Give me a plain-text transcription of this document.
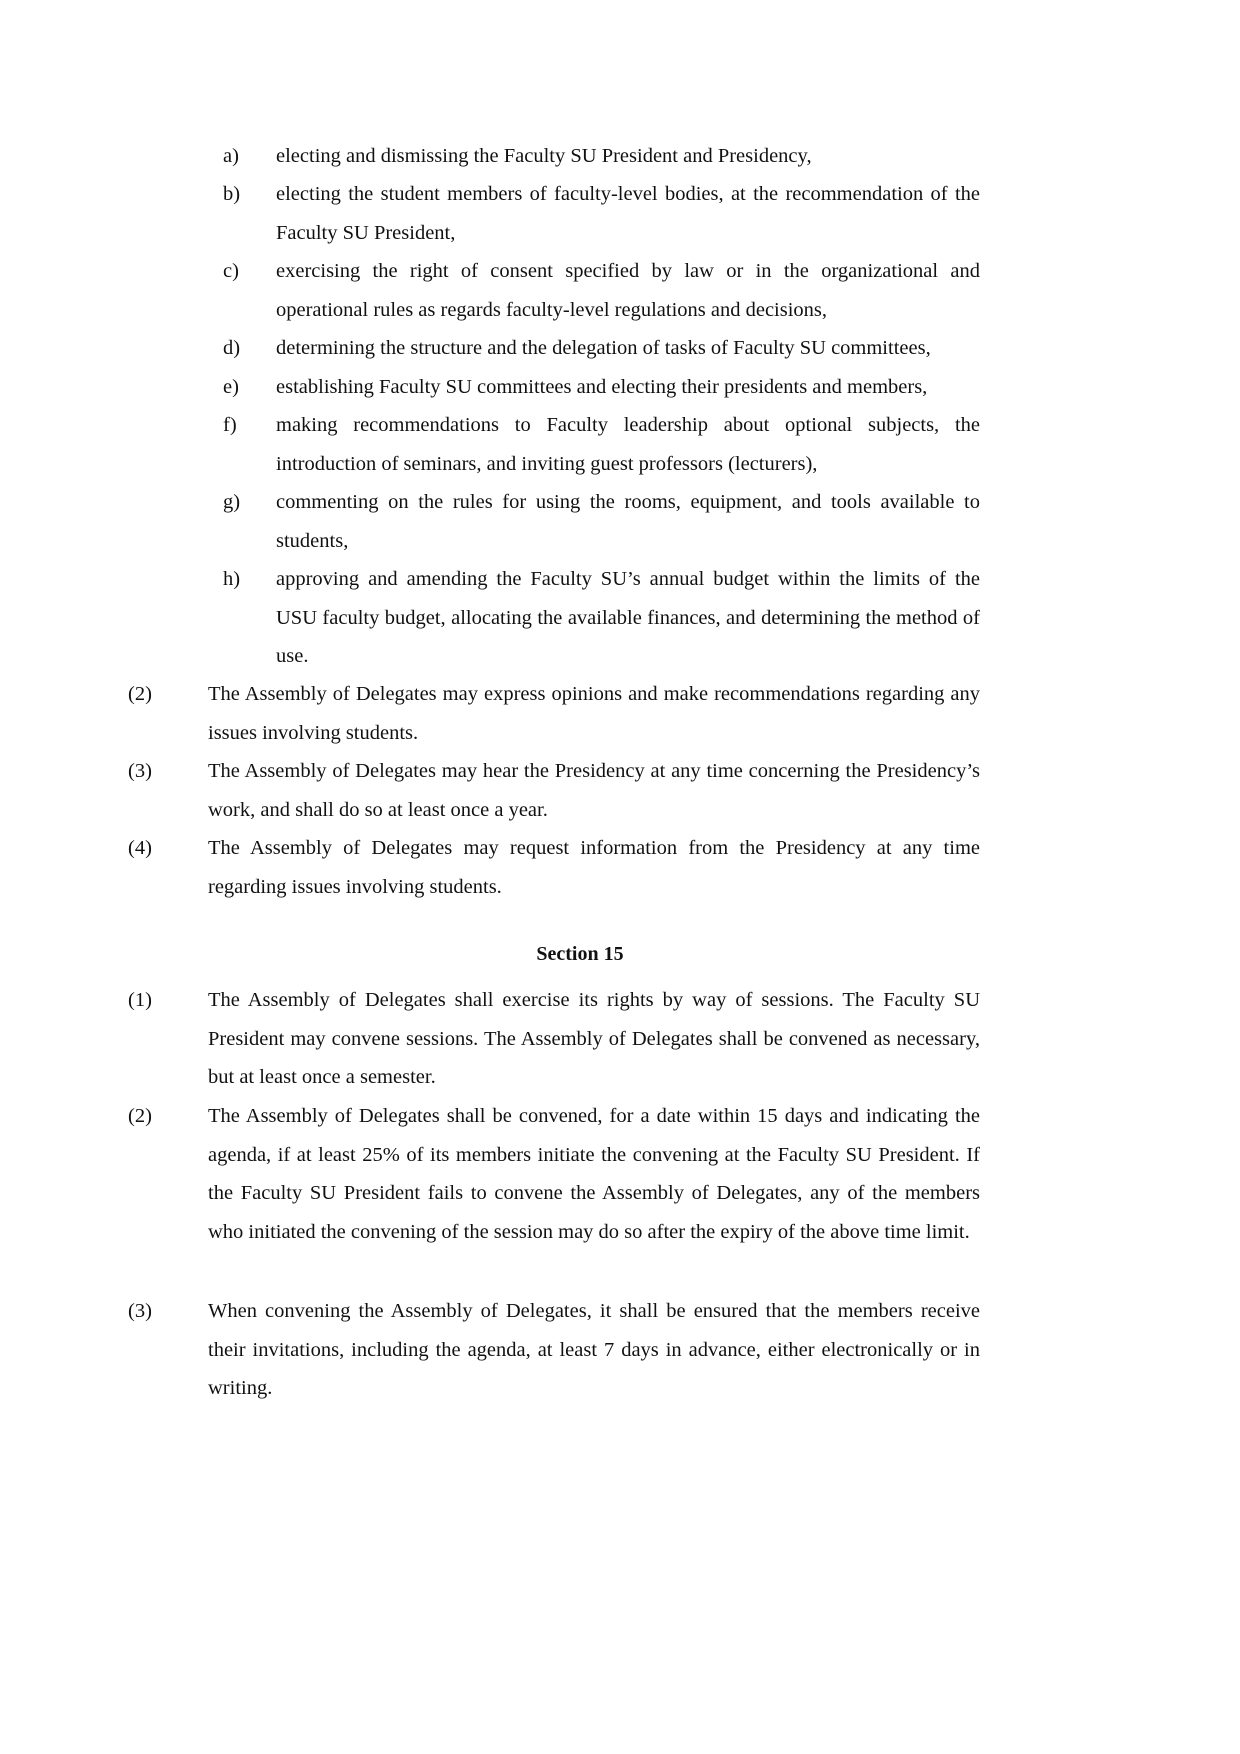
a) electing and dismissing the Faculty SU President and Presidency,
b) electing the student members of faculty-level bodies, at the recommendation of the Faculty SU President,
c) exercising the right of consent specified by law or in the organizational and operational rules as regards faculty-level regulations and decisions,
d) determining the structure and the delegation of tasks of Faculty SU committees,
e) establishing Faculty SU committees and electing their presidents and members,
f) making recommendations to Faculty leadership about optional subjects, the introduction of seminars, and inviting guest professors (lecturers),
g) commenting on the rules for using the rooms, equipment, and tools available to students,
h) approving and amending the Faculty SU’s annual budget within the limits of the USU faculty budget, allocating the available finances, and determining the method of use.
(2)	The Assembly of Delegates may express opinions and make recommendations regarding any issues involving students.
(3)	The Assembly of Delegates may hear the Presidency at any time concerning the Presidency’s work, and shall do so at least once a year.
(4)	The Assembly of Delegates may request information from the Presidency at any time regarding issues involving students.
Section 15
(1)	The Assembly of Delegates shall exercise its rights by way of sessions. The Faculty SU President may convene sessions. The Assembly of Delegates shall be convened as necessary, but at least once a semester.
(2)	The Assembly of Delegates shall be convened, for a date within 15 days and indicating the agenda, if at least 25% of its members initiate the convening at the Faculty SU President. If the Faculty SU President fails to convene the Assembly of Delegates, any of the members who initiated the convening of the session may do so after the expiry of the above time limit.
(3)	When convening the Assembly of Delegates, it shall be ensured that the members receive their invitations, including the agenda, at least 7 days in advance, either electronically or in writing.
